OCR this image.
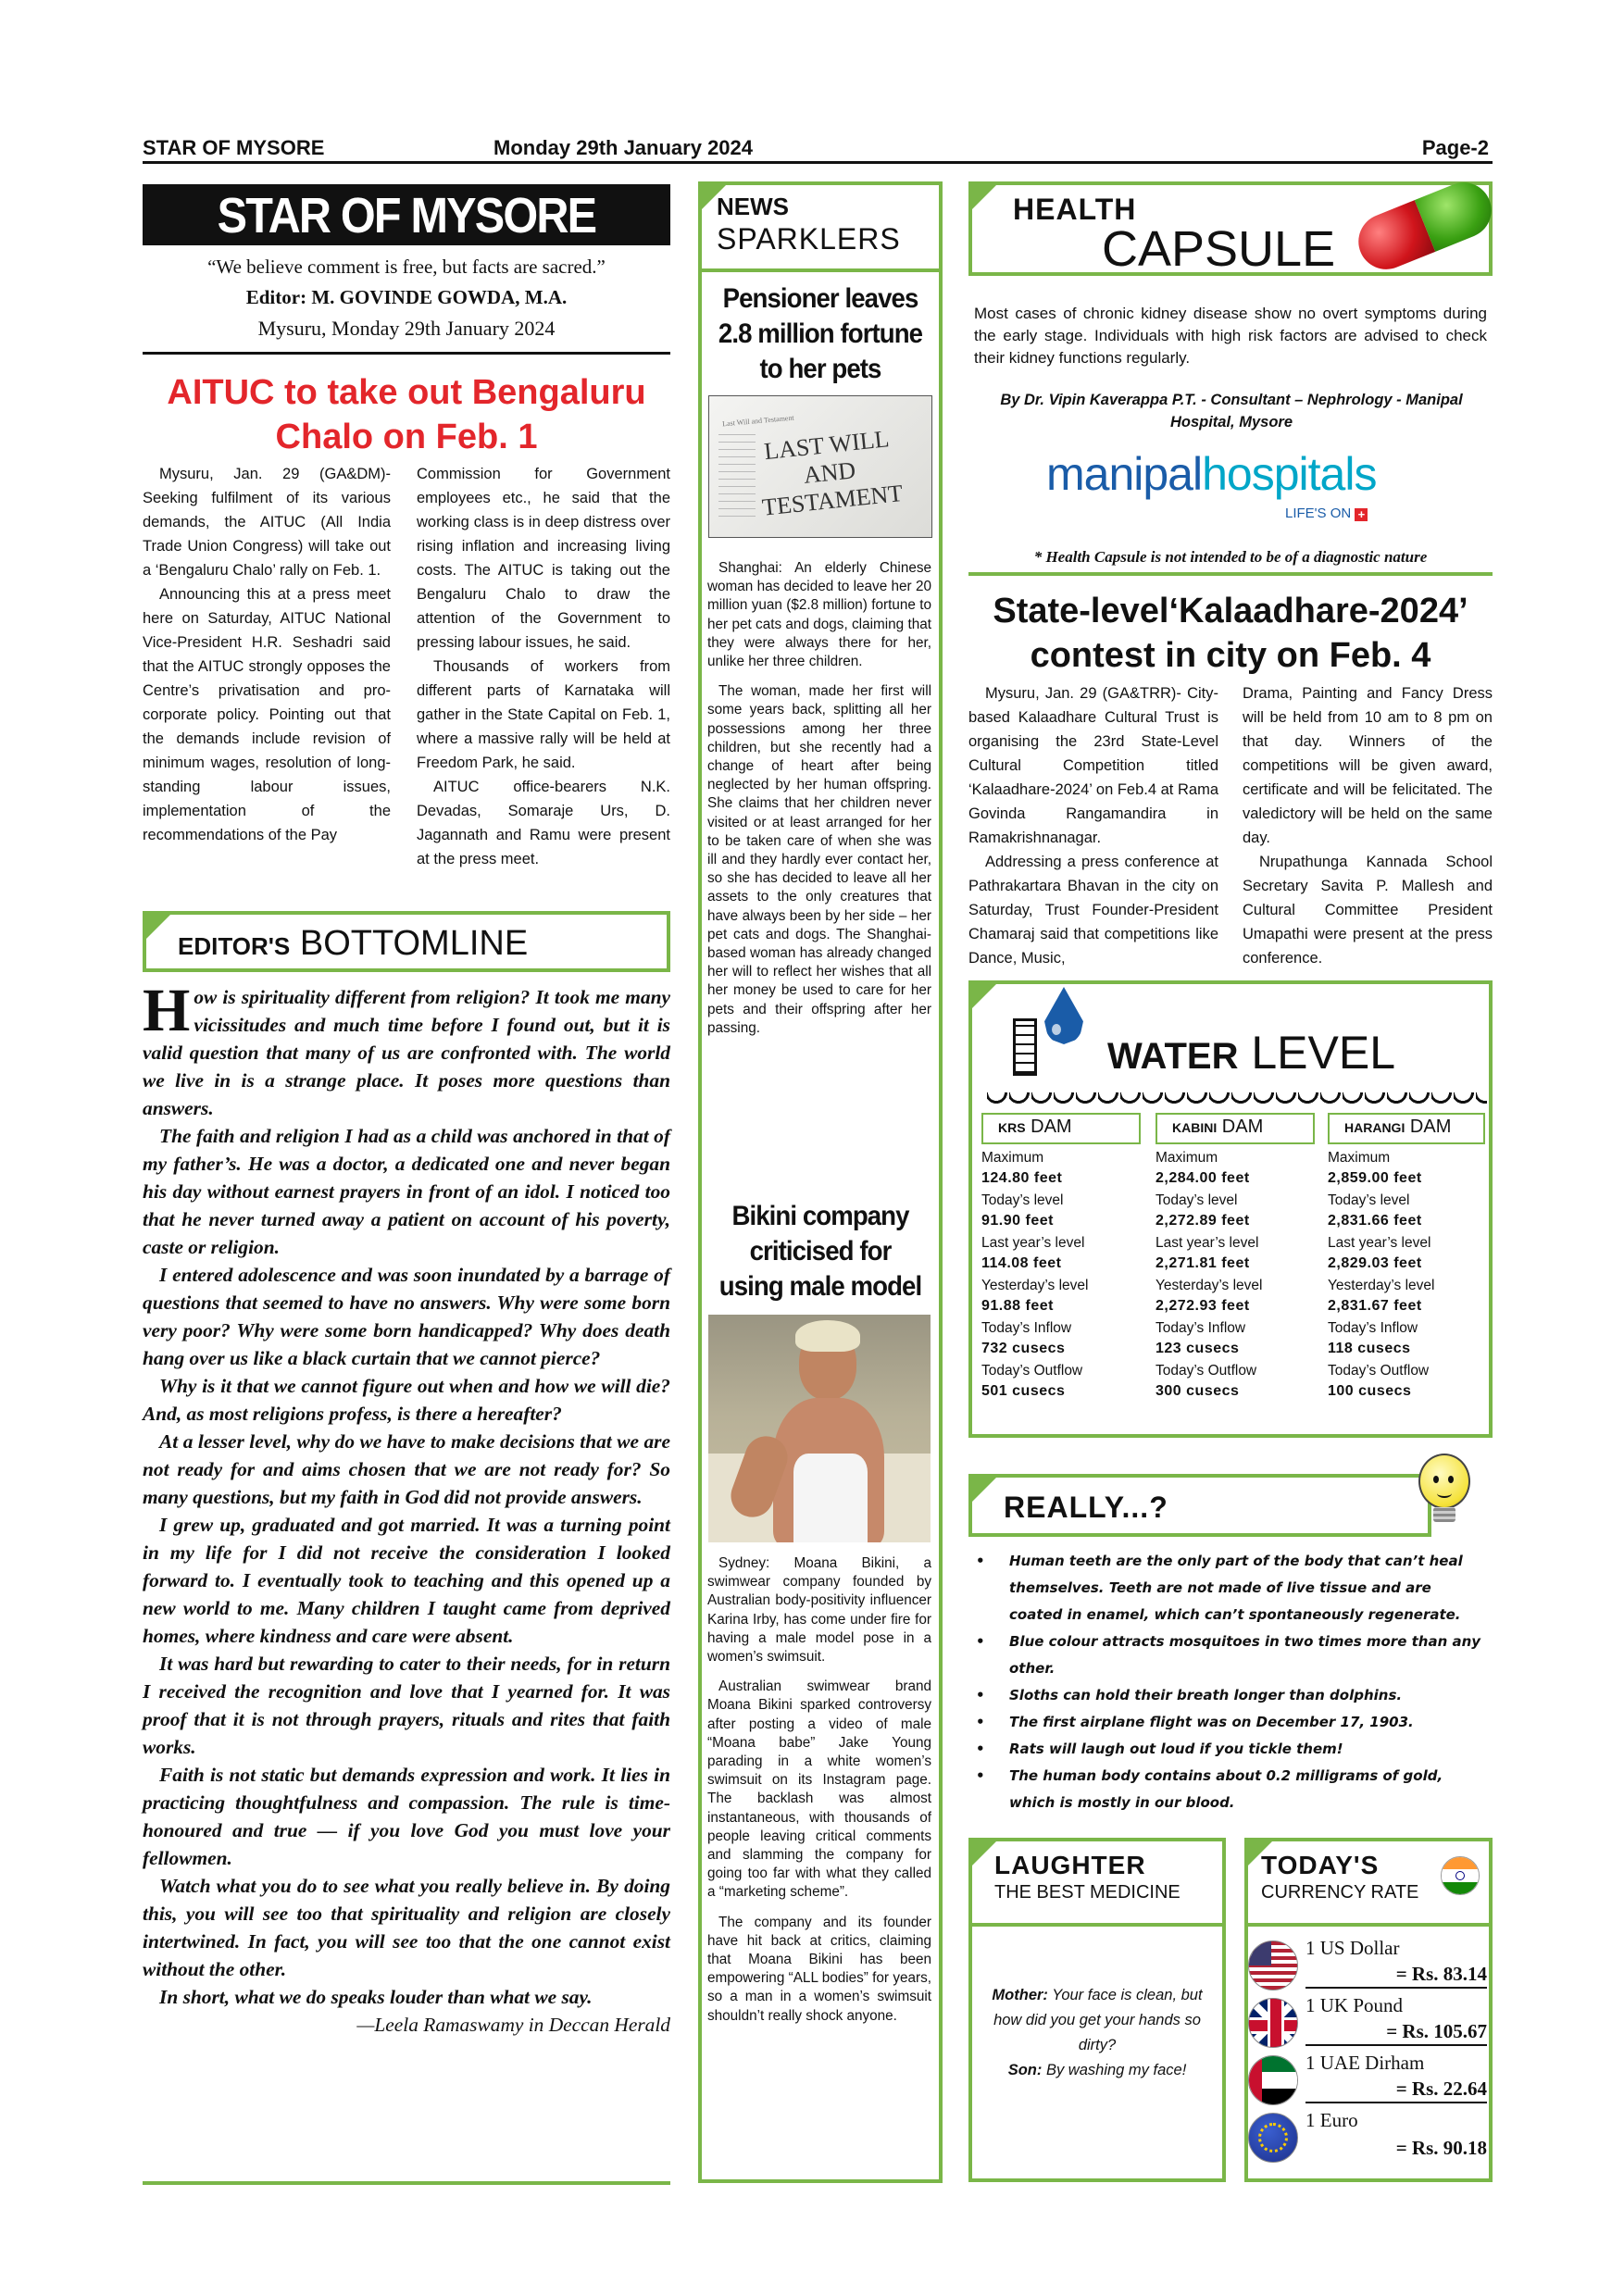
STAR OF MYSORE	Monday 29th January 2024	Page-2
STAR OF MYSORE
“We believe comment is free, but facts are sacred.”
Editor: M. GOVINDE GOWDA, M.A.
Mysuru, Monday 29th January 2024
AITUC to take out Bengaluru
Chalo on Feb. 1

Mysuru, Jan. 29 (GA&DM)- Seeking fulfilment of its various demands, the AITUC (All India Trade Union Congress) will take out a ‘Bengaluru Chalo’ rally on Feb. 1.

Announcing this at a press meet here on Saturday, AITUC National Vice-President H.R. Seshadri said that the AITUC strongly opposes the Centre’s privatisation and pro-corporate policy. Pointing out that the demands include revision of minimum wages, resolution of long-standing labour issues, implementation of the recommendations of the Pay

Commission for Government employees etc., he said that the working class is in deep distress over rising inflation and increasing living costs. The AITUC is taking out the Bengaluru Chalo to draw the attention of the Government to pressing labour issues, he said.

Thousands of workers from different parts of Karnataka will gather in the State Capital on Feb. 1, where a massive rally will be held at Freedom Park, he said.

AITUC office-bearers N.K. Devadas, Somaraje Urs, D. Jagannath and Ramu were present at the press meet.

EDITOR'S BOTTOMLINE

How is spirituality different from religion? It took me many vicissitudes and much time before I found out, but it is valid question that many of us are confronted with. The world we live in is a strange place. It poses more questions than answers.

The faith and religion I had as a child was anchored in that of my father’s. He was a doctor, a dedicated one and never began his day without earnest prayers in front of an idol. I noticed too that he never turned away a patient on account of his poverty, caste or religion.

I entered adolescence and was soon inundated by a barrage of questions that seemed to have no answers. Why were some born very poor? Why were some born handicapped? Why does death hang over us like a black curtain that we cannot pierce?

Why is it that we cannot figure out when and how we will die? And, as most religions profess, is there a hereafter?

At a lesser level, why do we have to make decisions that we are not ready for and aims chosen that we are not ready for? So many questions, but my faith in God did not provide answers.

I grew up, graduated and got married. It was a turning point in my life for I did not receive the consideration I looked forward to. I eventually took to teaching and this opened up a new world to me. Many children I taught came from deprived homes, where kindness and care were absent.

It was hard but rewarding to cater to their needs, for in return I received the recognition and love that I yearned for. It was proof that it is not through prayers, rituals and rites that faith works.

Faith is not static but demands expression and work. It lies in practicing thoughtfulness and compassion. The rule is time-honoured and true — if you love God you must love your fellowmen.

Watch what you do to see what you really believe in. By doing this, you will see too that spirituality and religion are closely intertwined. In fact, you will see too that the one cannot exist without the other.

In short, what we do speaks louder than what we say.

—Leela Ramaswamy in Deccan Herald
NEWS
SPARKLERS
Pensioner leaves 2.8 million fortune to her pets
Last Will and Testament
LAST WILL
AND
TESTAMENT

Shanghai: An elderly Chinese woman has decided to leave her 20 million yuan ($2.8 million) fortune to her pet cats and dogs, claiming that they were always there for her, unlike her three children.

The woman, made her first will some years back, splitting all her possessions among her three children, but she recently had a change of heart after being neglected by her human offspring. She claims that her children never visited or at least arranged for her to be taken care of when she was ill and they hardly ever contact her, so she has decided to leave all her assets to the only creatures that have always been by her side – her pet cats and dogs. The Shanghai-based woman has already changed her will to reflect her wishes that all her money be used to care for her pets and their offspring after her passing.

Bikini company criticised for using male model

Sydney: Moana Bikini, a swimwear company founded by Australian body-positivity influencer Karina Irby, has come under fire for having a male model pose in a women’s swimsuit.

Australian swimwear brand Moana Bikini sparked controversy after posting a video of male “Moana babe” Jake Young parading in a white women’s swimsuit on its Instagram page. The backlash was almost instantaneous, with thousands of people leaving critical comments and slamming the company for going too far with what they called a “marketing scheme”.

The company and its founder have hit back at critics, claiming that Moana Bikini has been empowering “ALL bodies” for years, so a man in a women’s swimsuit shouldn’t really shock anyone.

HEALTH
CAPSULE
Most cases of chronic kidney disease show no overt symptoms during the early stage. Individuals with high risk factors are advised to check their kidney functions regularly.
By Dr. Vipin Kaverappa P.T. - Consultant – Nephrology - Manipal Hospital, Mysore
manipalhospitals
LIFE'S ON +
* Health Capsule is not intended to be of a diagnostic nature
State-level‘Kalaadhare-2024’
contest in city on Feb. 4

Mysuru, Jan. 29 (GA&TRR)- City-based Kalaadhare Cultural Trust is organising the 23rd State-Level Cultural Competition titled ‘Kalaadhare-2024’ on Feb.4 at Rama Govinda Rangamandira in Ramakrishnanagar.

Addressing a press conference at Pathrakartara Bhavan in the city on Saturday, Trust Founder-President Chamaraj said that competitions like Dance, Music,

Drama, Painting and Fancy Dress will be held from 10 am to 8 pm on that day. Winners of the competitions will be given award, certificate and will be felicitated. The valedictory will be held on the same day.

Nrupathunga Kannada School Secretary Savita P. Mallesh and Cultural Committee President Umapathi were present at the press conference.

WATER LEVEL
KRS DAM
Maximum
124.80 feet
Today’s level
91.90 feet
Last year’s level
114.08 feet
Yesterday’s level
91.88 feet
Today’s Inflow
732 cusecs
Today’s Outflow
501 cusecs
KABINI DAM
Maximum
2,284.00 feet
Today’s level
2,272.89 feet
Last year’s level
2,271.81 feet
Yesterday’s level
2,272.93 feet
Today’s Inflow
123 cusecs
Today’s Outflow
300 cusecs
HARANGI DAM
Maximum
2,859.00 feet
Today’s level
2,831.66 feet
Last year’s level
2,829.03 feet
Yesterday’s level
2,831.67 feet
Today’s Inflow
118 cusecs
Today’s Outflow
100 cusecs
REALLY...?
• Human teeth are the only part of the body that can’t heal themselves. Teeth are not made of live tissue and are coated in enamel, which can’t spontaneously regenerate.
• Blue colour attracts mosquitoes in two times more than any other.
• Sloths can hold their breath longer than dolphins.
• The first airplane flight was on December 17, 1903.
• Rats will laugh out loud if you tickle them!
• The human body contains about 0.2 milligrams of gold, which is mostly in our blood.
LAUGHTER
THE BEST MEDICINE
Mother: Your face is clean, but how did you get your hands so dirty?
Son: By washing my face!
TODAY'S
CURRENCY RATE
1 US Dollar
= Rs. 83.14
1 UK Pound
= Rs. 105.67
1 UAE Dirham
= Rs. 22.64
1 Euro
= Rs. 90.18
